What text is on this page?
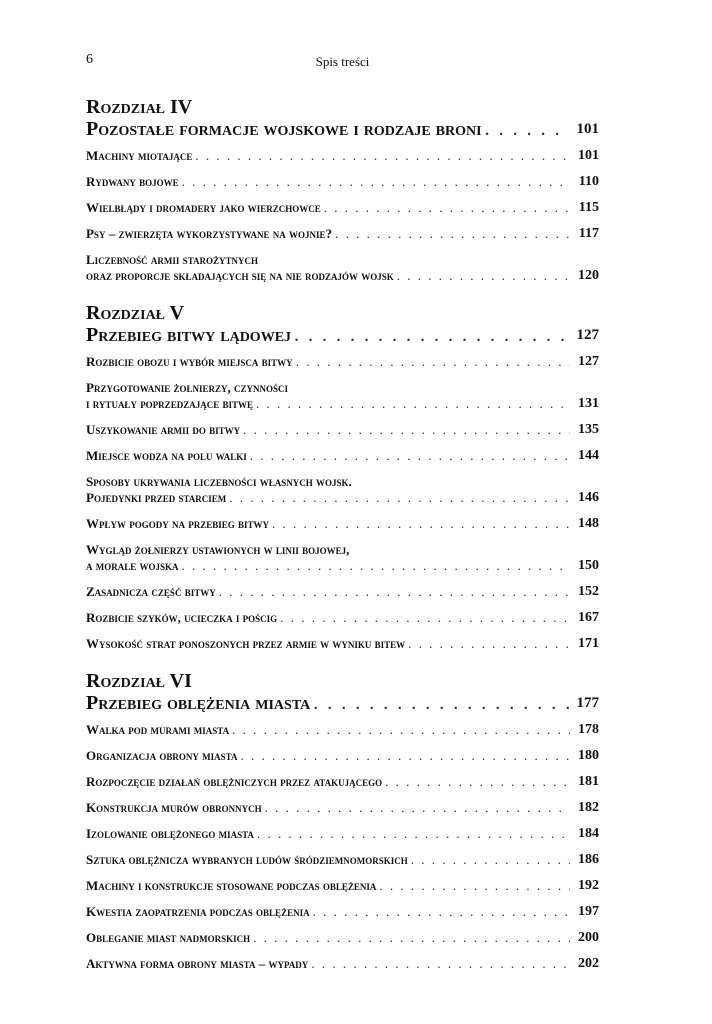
6	Spis treści
Rozdział IV
Pozostałe formacje wojskowe i rodzaje broni . . .	101
Machiny miotające . . .	101
Rydwany bojowe . . .	110
Wielbłądy i dromadery jako wierzchowce . . .	115
Psy – zwierzęta wykorzystywane na wojnie? . . .	117
Liczebność armii starożytnych
oraz proporcje składających się na nie rodzajów wojsk . . .	120
Rozdział V
Przebieg bitwy lądowej . . .	127
Rozbicie obozu i wybór miejsca bitwy . . .	127
Przygotowanie żołnierzy, czynności
i rytuały poprzedzające bitwę . . .	131
Uszykowanie armii do bitwy . . .	135
Miejsce wodza na polu walki . . .	144
Sposoby ukrywania liczebności własnych wojsk.
Pojedynki przed starciem . . .	146
Wpływ pogody na przebieg bitwy . . .	148
Wygląd żołnierzy ustawionych w linii bojowej,
a morale wojska . . .	150
Zasadnicza część bitwy . . .	152
Rozbicie szyków, ucieczka i pościg . . .	167
Wysokość strat ponoszonych przez armie w wyniku bitew . . .	171
Rozdział VI
Przebieg oblężenia miasta . . .	177
Walka pod murami miasta . . .	178
Organizacja obrony miasta . . .	180
Rozpoczęcie działań oblężniczych przez atakującego . . .	181
Konstrukcja murów obronnych . . .	182
Izolowanie oblężonego miasta . . .	184
Sztuka oblężnicza wybranych ludów śródziemnomorskich . . .	186
Machiny i konstrukcje stosowane podczas oblężenia . . .	192
Kwestia zaopatrzenia podczas oblężenia . . .	197
Obleganie miast nadmorskich . . .	200
Aktywna forma obrony miasta – wypady . . .	202
